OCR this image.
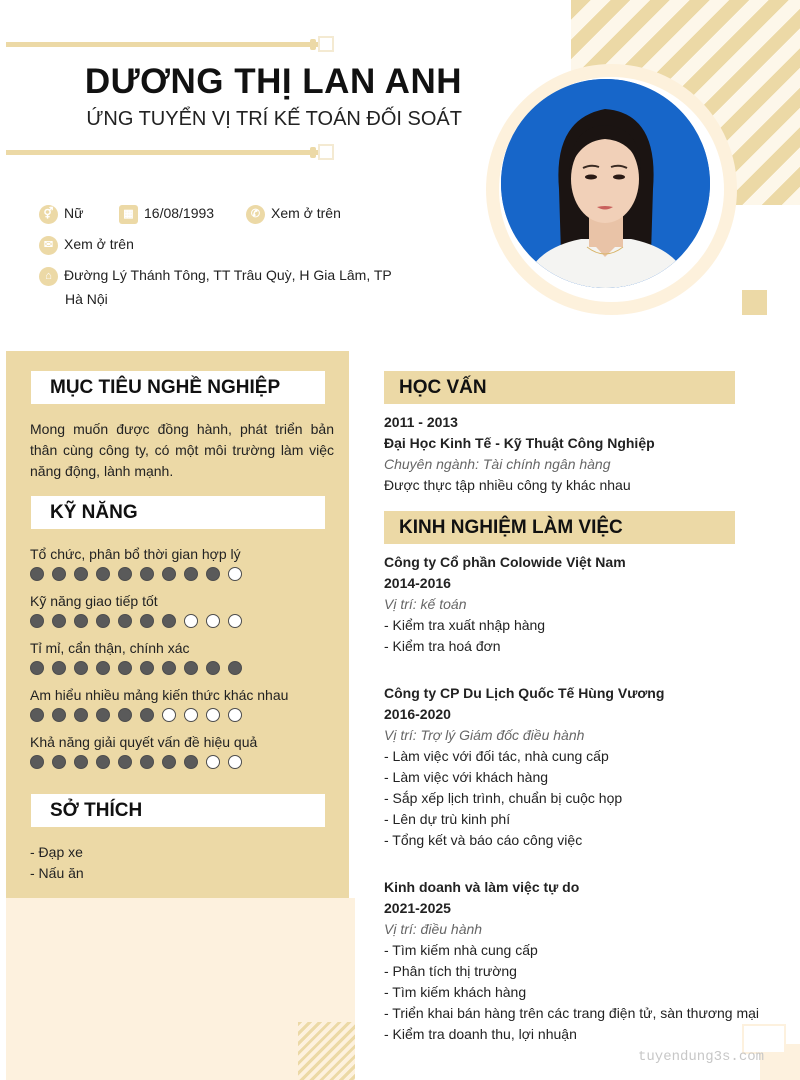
DƯƠNG THỊ LAN ANH
ỨNG TUYỂN VỊ TRÍ KẾ TOÁN ĐỐI SOÁT
⚥ Nữ	▦ 16/08/1993	✆ Xem ở trên
✉ Xem ở trên
⌂ Đường Lý Thánh Tông, TT Trâu Quỳ, H Gia Lâm, TP
Hà Nội
MỤC TIÊU NGHỀ NGHIỆP
Mong muốn được đồng hành, phát triển bản thân cùng công ty, có một môi trường làm việc năng động, lành mạnh.
KỸ NĂNG
Tổ chức, phân bổ thời gian hợp lý
Kỹ năng giao tiếp tốt
Tỉ mỉ, cẩn thận, chính xác
Am hiểu nhiều mảng kiến thức khác nhau
Khả năng giải quyết vấn đề hiệu quả
SỞ THÍCH
- Đạp xe
- Nấu ăn
HỌC VẤN
2011 - 2013
Đại Học Kinh Tế - Kỹ Thuật Công Nghiệp
Chuyên ngành: Tài chính ngân hàng
Được thực tập nhiều công ty khác nhau
KINH NGHIỆM LÀM VIỆC
Công ty Cổ phần Colowide Việt Nam
2014-2016
Vị trí: kế toán
- Kiểm tra xuất nhập hàng
- Kiểm tra hoá đơn
Công ty CP Du Lịch Quốc Tế Hùng Vương
2016-2020
Vị trí: Trợ lý Giám đốc điều hành
- Làm việc với đối tác, nhà cung cấp
- Làm việc với khách hàng
- Sắp xếp lịch trình, chuẩn bị cuộc họp
- Lên dự trù kinh phí
- Tổng kết và báo cáo công việc
Kinh doanh và làm việc tự do
2021-2025
Vị trí: điều hành
- Tìm kiếm nhà cung cấp
- Phân tích thị trường
- Tìm kiếm khách hàng
- Triển khai bán hàng trên các trang điện tử, sàn thương mại
- Kiểm tra doanh thu, lợi nhuận
tuyendung3s.com
